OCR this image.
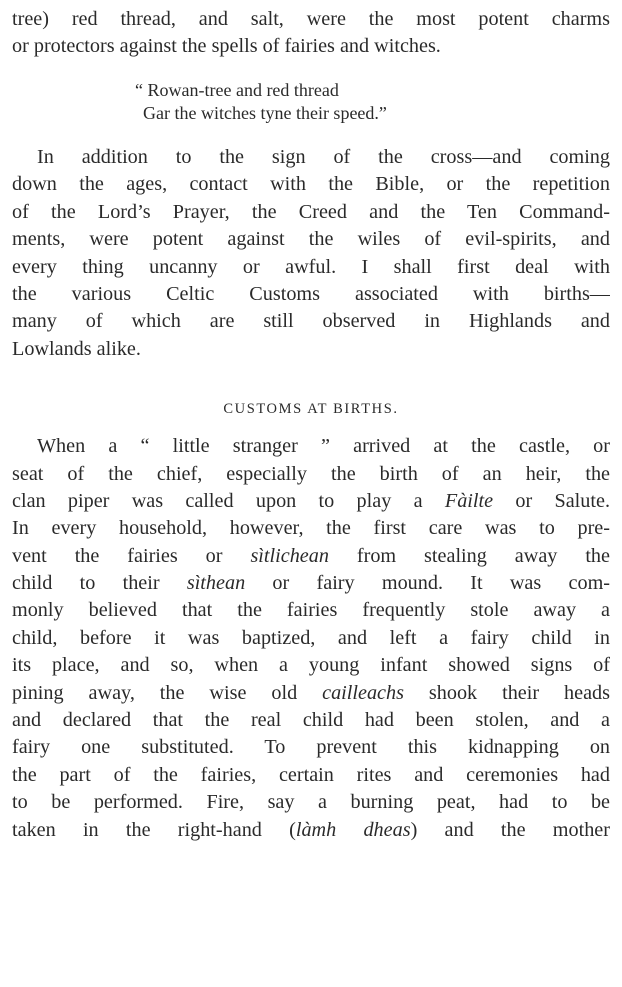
tree) red thread, and salt, were the most potent charms
or protectors against the spells of fairies and witches.
“ Rowan-tree and red thread
Gar the witches tyne their speed.”
In addition to the sign of the cross—and coming
down the ages, contact with the Bible, or the repetition
of the Lord’s Prayer, the Creed and the Ten Command-
ments, were potent against the wiles of evil-spirits, and
every thing uncanny or awful. I shall first deal with
the various Celtic Customs associated with births—
many of which are still observed in Highlands and
Lowlands alike.
CUSTOMS AT BIRTHS.
When a “ little stranger ” arrived at the castle, or
seat of the chief, especially the birth of an heir, the
clan piper was called upon to play a Fàilte or Salute.
In every household, however, the first care was to pre-
vent the fairies or sìtlichean from stealing away the
child to their sìthean or fairy mound. It was com-
monly believed that the fairies frequently stole away a
child, before it was baptized, and left a fairy child in
its place, and so, when a young infant showed signs of
pining away, the wise old cailleachs shook their heads
and declared that the real child had been stolen, and a
fairy one substituted. To prevent this kidnapping on
the part of the fairies, certain rites and ceremonies had
to be performed. Fire, say a burning peat, had to be
taken in the right-hand (làmh dheas) and the mother
